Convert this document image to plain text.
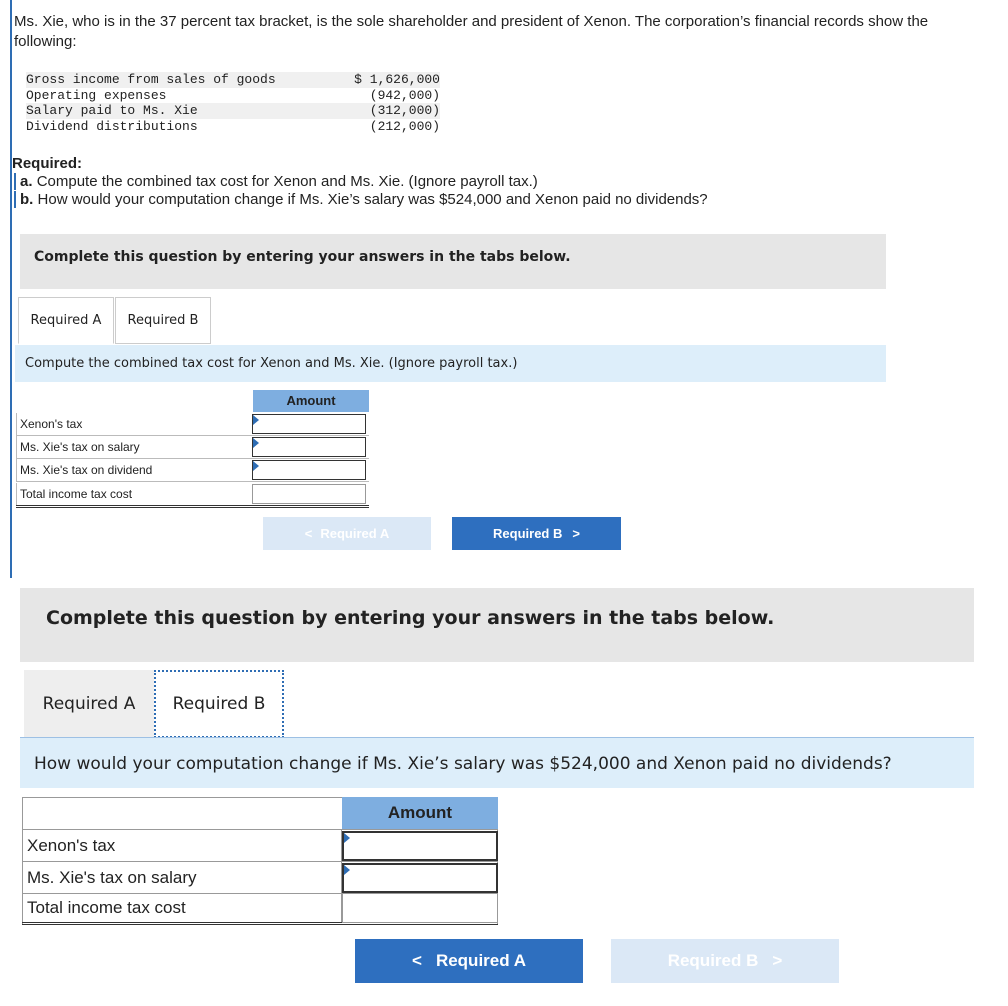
Ms. Xie, who is in the 37 percent tax bracket, is the sole shareholder and president of Xenon. The corporation’s financial records show the following:
Gross income from sales of goods	$ 1,626,000
Operating expenses	(942,000)
Salary paid to Ms. Xie	(312,000)
Dividend distributions	(212,000)
Required:
a. Compute the combined tax cost for Xenon and Ms. Xie. (Ignore payroll tax.)
b. How would your computation change if Ms. Xie’s salary was $524,000 and Xenon paid no dividends?
Complete this question by entering your answers in the tabs below.
Required A	Required B
Compute the combined tax cost for Xenon and Ms. Xie. (Ignore payroll tax.)
Amount
Xenon's tax
Ms. Xie's tax on salary
Ms. Xie's tax on dividend
Total income tax cost
< Required A	Required B >
Complete this question by entering your answers in the tabs below.
Required A	Required B
How would your computation change if Ms. Xie’s salary was $524,000 and Xenon paid no dividends?
Amount
Xenon's tax
Ms. Xie's tax on salary
Total income tax cost
< Required A	Required B >
